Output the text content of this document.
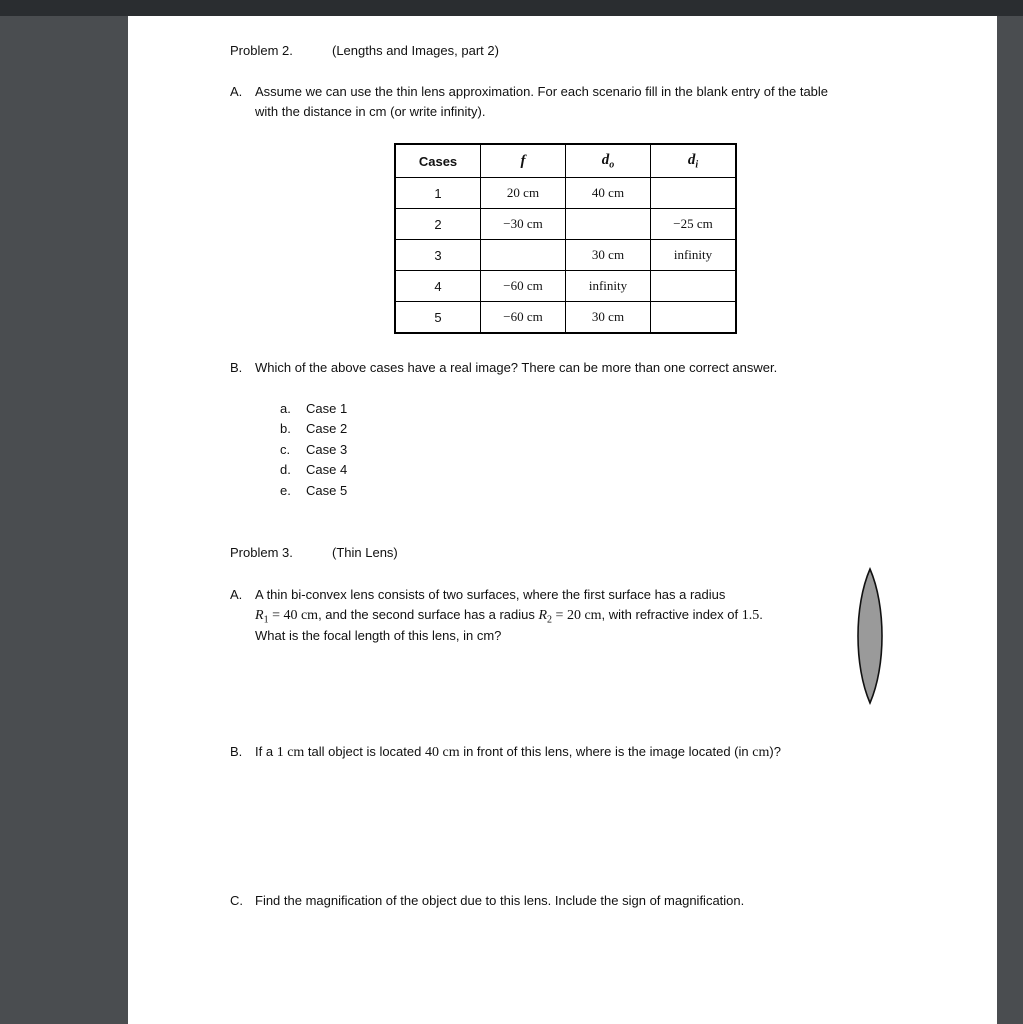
Problem 2.	(Lengths and Images, part 2)
A. Assume we can use the thin lens approximation. For each scenario fill in the blank entry of the table
with the distance in cm (or write infinity).
Cases	f	$d_o$	$d_i$
1	20 cm	40 cm	
2	−30 cm		−25 cm
3		30 cm	infinity
4	−60 cm	infinity	
5	−60 cm	30 cm	
B. Which of the above cases have a real image? There can be more than one correct answer.
a. Case 1
b. Case 2
c. Case 3
d. Case 4
e. Case 5
Problem 3.	(Thin Lens)
A. A thin bi-convex lens consists of two surfaces, where the first surface has a radius
$R_1 = 40$ cm, and the second surface has a radius $R_2 = 20$ cm, with refractive index of 1.5.
What is the focal length of this lens, in cm?
B. If a 1 cm tall object is located 40 cm in front of this lens, where is the image located (in cm)?
C. Find the magnification of the object due to this lens. Include the sign of magnification.
